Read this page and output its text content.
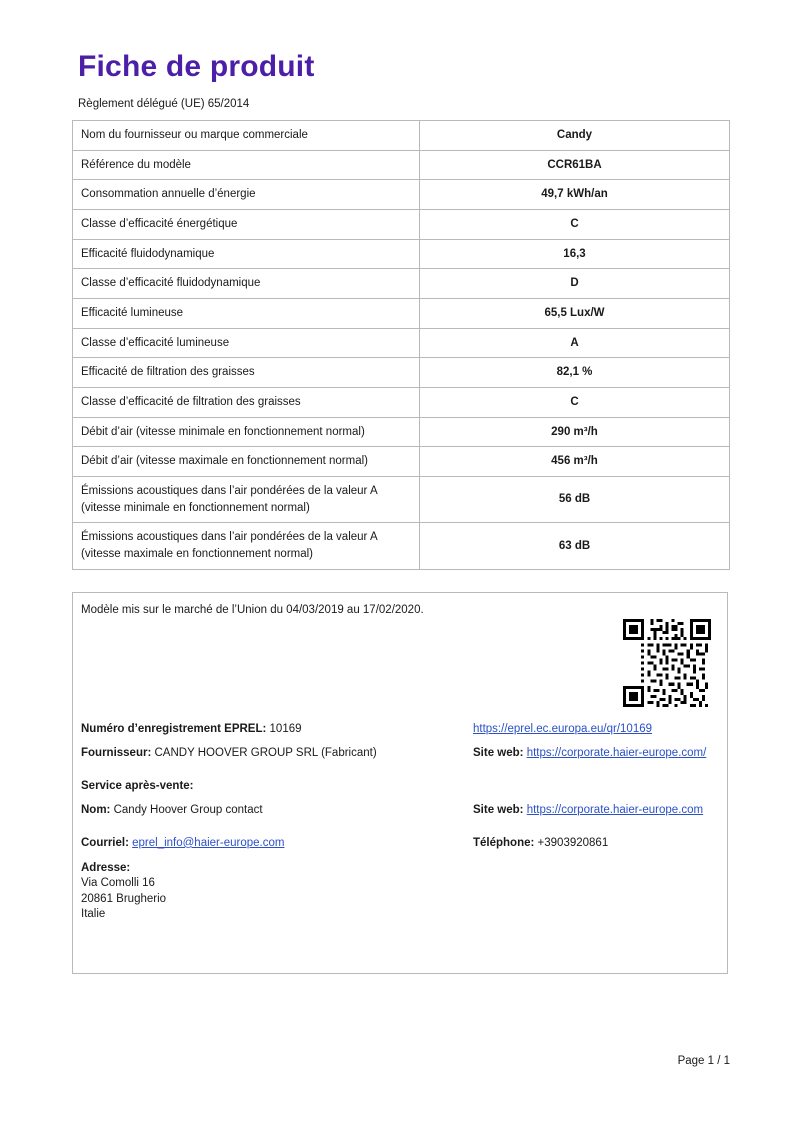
Fiche de produit
Règlement délégué (UE) 65/2014
Nom du fournisseur ou marque commerciale	Candy
Référence du modèle	CCR61BA
Consommation annuelle d’énergie	49,7 kWh/an
Classe d’efficacité énergétique	C
Efficacité fluidodynamique	16,3
Classe d’efficacité fluidodynamique	D
Efficacité lumineuse	65,5 Lux/W
Classe d’efficacité lumineuse	A
Efficacité de filtration des graisses	82,1 %
Classe d’efficacité de filtration des graisses	C
Débit d’air (vitesse minimale en fonctionnement normal)	290 m³/h
Débit d’air (vitesse maximale en fonctionnement normal)	456 m³/h

Émissions acoustiques dans l’air pondérées de la valeur A
(vitesse minimale en fonctionnement normal)	56 dB

Émissions acoustiques dans l’air pondérées de la valeur A
(vitesse maximale en fonctionnement normal)	63 dB
Modèle mis sur le marché de l’Union du 04/03/2019 au 17/02/2020.
Numéro d’enregistrement EPREL: 10169	https://eprel.ec.europa.eu/qr/10169
Fournisseur: CANDY HOOVER GROUP SRL (Fabricant)	Site web: https://corporate.haier-europe.com/
Service après-vente:
Nom: Candy Hoover Group contact	Site web: https://corporate.haier-europe.com
Courriel: eprel_info@haier-europe.com	Téléphone: +3903920861
Adresse:
Via Comolli 16
20861 Brugherio
Italie
Page 1 / 1
